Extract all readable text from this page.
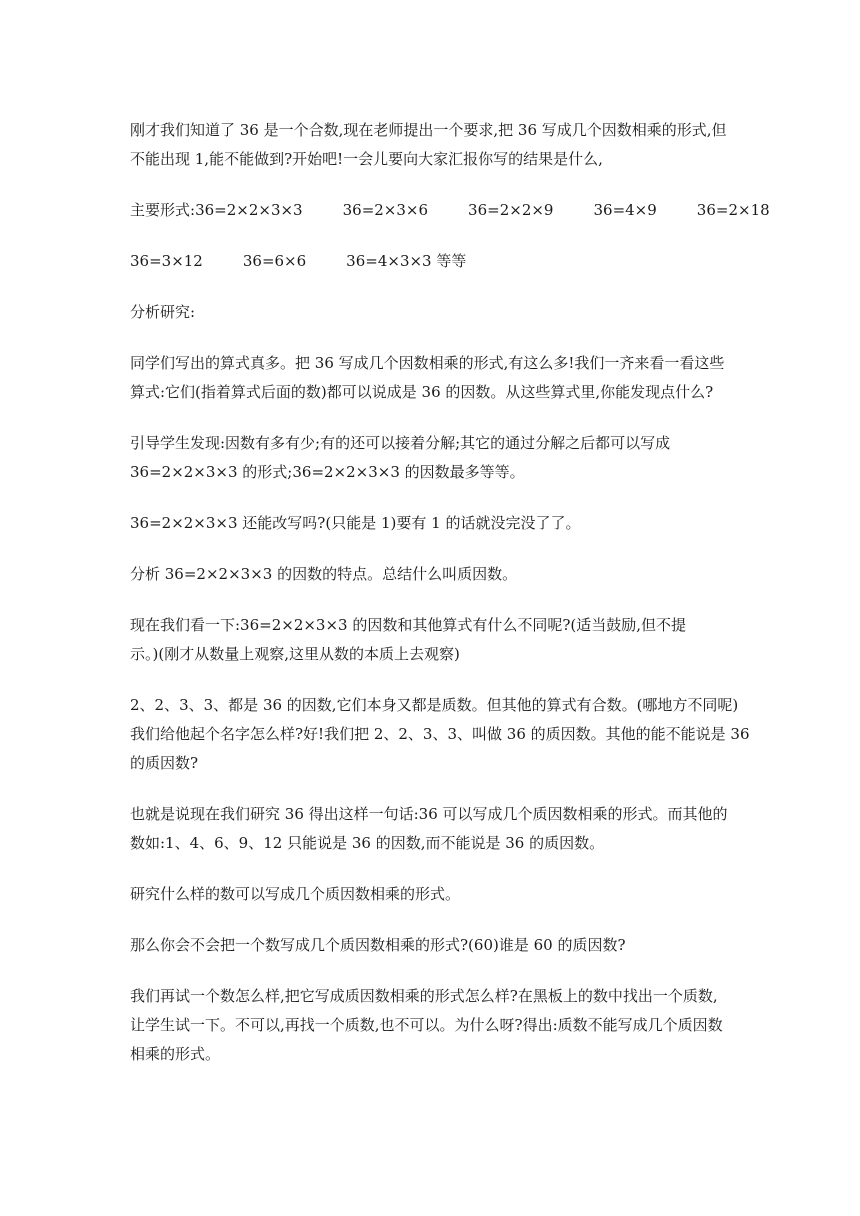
刚才我们知道了 36 是一个合数,现在老师提出一个要求,把 36 写成几个因数相乘的形式,但
不能出现 1,能不能做到?开始吧!一会儿要向大家汇报你写的结果是什么,

主要形式:36=2×2×3×3	36=2×3×6	36=2×2×9	36=4×9	36=2×18
36=3×12	36=6×6	36=4×3×3 等等

分析研究:

同学们写出的算式真多。把 36 写成几个因数相乘的形式,有这么多!我们一齐来看一看这些
算式:它们(指着算式后面的数)都可以说成是 36 的因数。从这些算式里,你能发现点什么?

引导学生发现:因数有多有少;有的还可以接着分解;其它的通过分解之后都可以写成
36=2×2×3×3 的形式;36=2×2×3×3 的因数最多等等。

36=2×2×3×3 还能改写吗?(只能是 1)要有 1 的话就没完没了了。

分析 36=2×2×3×3 的因数的特点。总结什么叫质因数。

现在我们看一下:36=2×2×3×3 的因数和其他算式有什么不同呢?(适当鼓励,但不提
示。)(刚才从数量上观察,这里从数的本质上去观察)

2、2、3、3、都是 36 的因数,它们本身又都是质数。但其他的算式有合数。(哪地方不同呢)
我们给他起个名字怎么样?好!我们把 2、2、3、3、叫做 36 的质因数。其他的能不能说是 36
的质因数?

也就是说现在我们研究 36 得出这样一句话:36 可以写成几个质因数相乘的形式。而其他的
数如:1、4、6、9、12 只能说是 36 的因数,而不能说是 36 的质因数。

研究什么样的数可以写成几个质因数相乘的形式。

那么你会不会把一个数写成几个质因数相乘的形式?(60)谁是 60 的质因数?

我们再试一个数怎么样,把它写成质因数相乘的形式怎么样?在黑板上的数中找出一个质数,
让学生试一下。不可以,再找一个质数,也不可以。为什么呀?得出:质数不能写成几个质因数
相乘的形式。
